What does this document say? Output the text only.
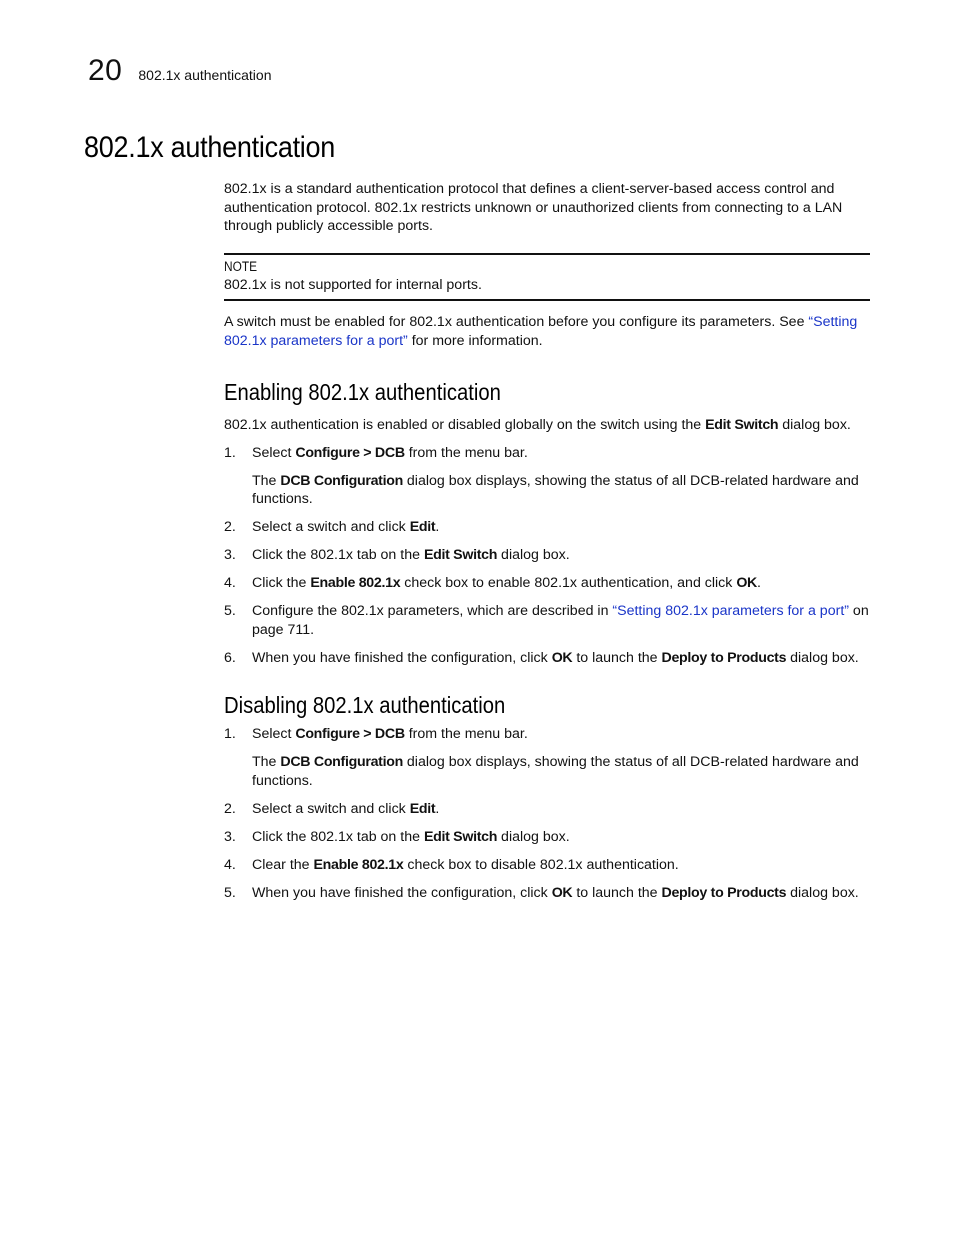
20 802.1x authentication
802.1x authentication

802.1x is a standard authentication protocol that defines a client-server-based access control and authentication protocol. 802.1x restricts unknown or unauthorized clients from connecting to a LAN through publicly accessible ports.

NOTE
802.1x is not supported for internal ports.

A switch must be enabled for 802.1x authentication before you configure its parameters. See “Setting 802.1x parameters for a port” for more information.

Enabling 802.1x authentication

802.1x authentication is enabled or disabled globally on the switch using the Edit Switch dialog box.

1. Select Configure > DCB from the menu bar.
The DCB Configuration dialog box displays, showing the status of all DCB-related hardware and functions.
2. Select a switch and click Edit.
3. Click the 802.1x tab on the Edit Switch dialog box.
4. Click the Enable 802.1x check box to enable 802.1x authentication, and click OK.
5. Configure the 802.1x parameters, which are described in “Setting 802.1x parameters for a port” on page 711.
6. When you have finished the configuration, click OK to launch the Deploy to Products dialog box.
Disabling 802.1x authentication
1. Select Configure > DCB from the menu bar.
The DCB Configuration dialog box displays, showing the status of all DCB-related hardware and functions.
2. Select a switch and click Edit.
3. Click the 802.1x tab on the Edit Switch dialog box.
4. Clear the Enable 802.1x check box to disable 802.1x authentication.
5. When you have finished the configuration, click OK to launch the Deploy to Products dialog box.
